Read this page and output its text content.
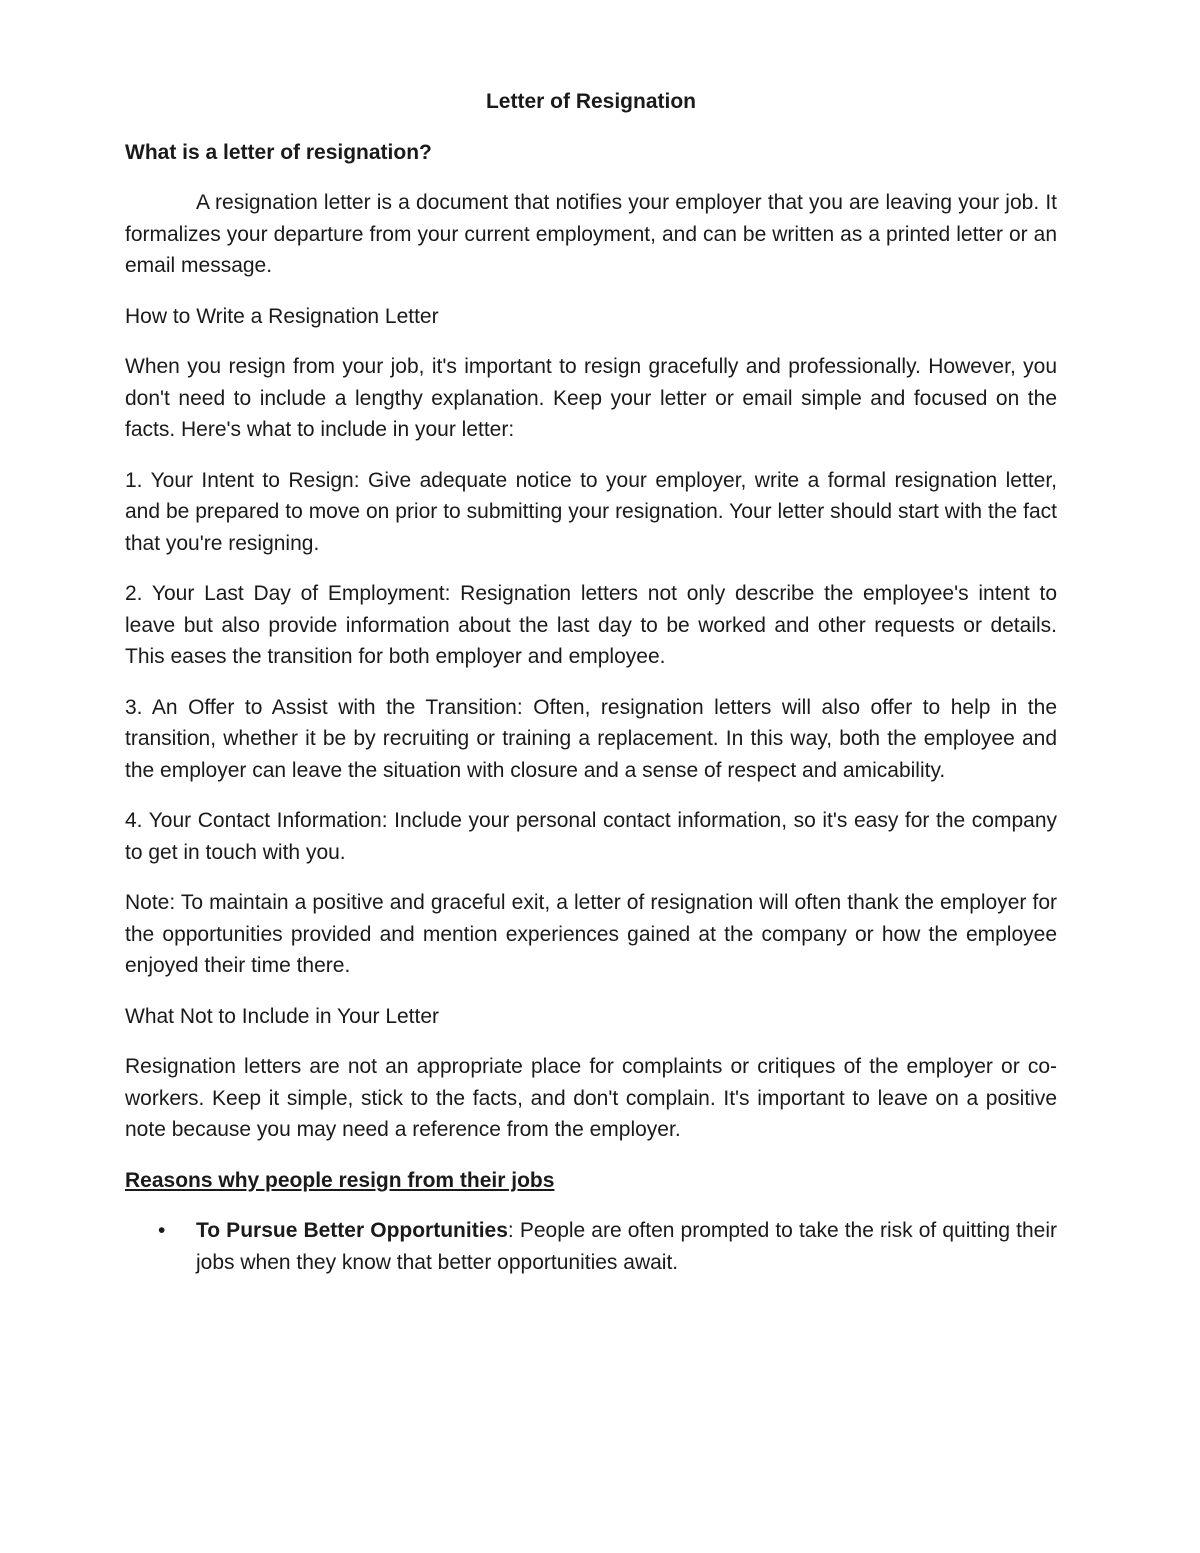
Letter of Resignation
What is a letter of resignation?

A resignation letter is a document that notifies your employer that you are leaving your job. It formalizes your departure from your current employment, and can be written as a printed letter or an email message.

How to Write a Resignation Letter

When you resign from your job, it's important to resign gracefully and professionally. However, you don't need to include a lengthy explanation. Keep your letter or email simple and focused on the facts. Here's what to include in your letter:

1. Your Intent to Resign: Give adequate notice to your employer, write a formal resignation letter, and be prepared to move on prior to submitting your resignation. Your letter should start with the fact that you're resigning.

2. Your Last Day of Employment: Resignation letters not only describe the employee's intent to leave but also provide information about the last day to be worked and other requests or details. This eases the transition for both employer and employee.

3. An Offer to Assist with the Transition: Often, resignation letters will also offer to help in the transition, whether it be by recruiting or training a replacement. In this way, both the employee and the employer can leave the situation with closure and a sense of respect and amicability.

4. Your Contact Information: Include your personal contact information, so it's easy for the company to get in touch with you.

Note: To maintain a positive and graceful exit, a letter of resignation will often thank the employer for the opportunities provided and mention experiences gained at the company or how the employee enjoyed their time there.

What Not to Include in Your Letter

Resignation letters are not an appropriate place for complaints or critiques of the employer or co-workers. Keep it simple, stick to the facts, and don't complain. It's important to leave on a positive note because you may need a reference from the employer.

Reasons why people resign from their jobs
• To Pursue Better Opportunities: People are often prompted to take the risk of quitting their jobs when they know that better opportunities await.
